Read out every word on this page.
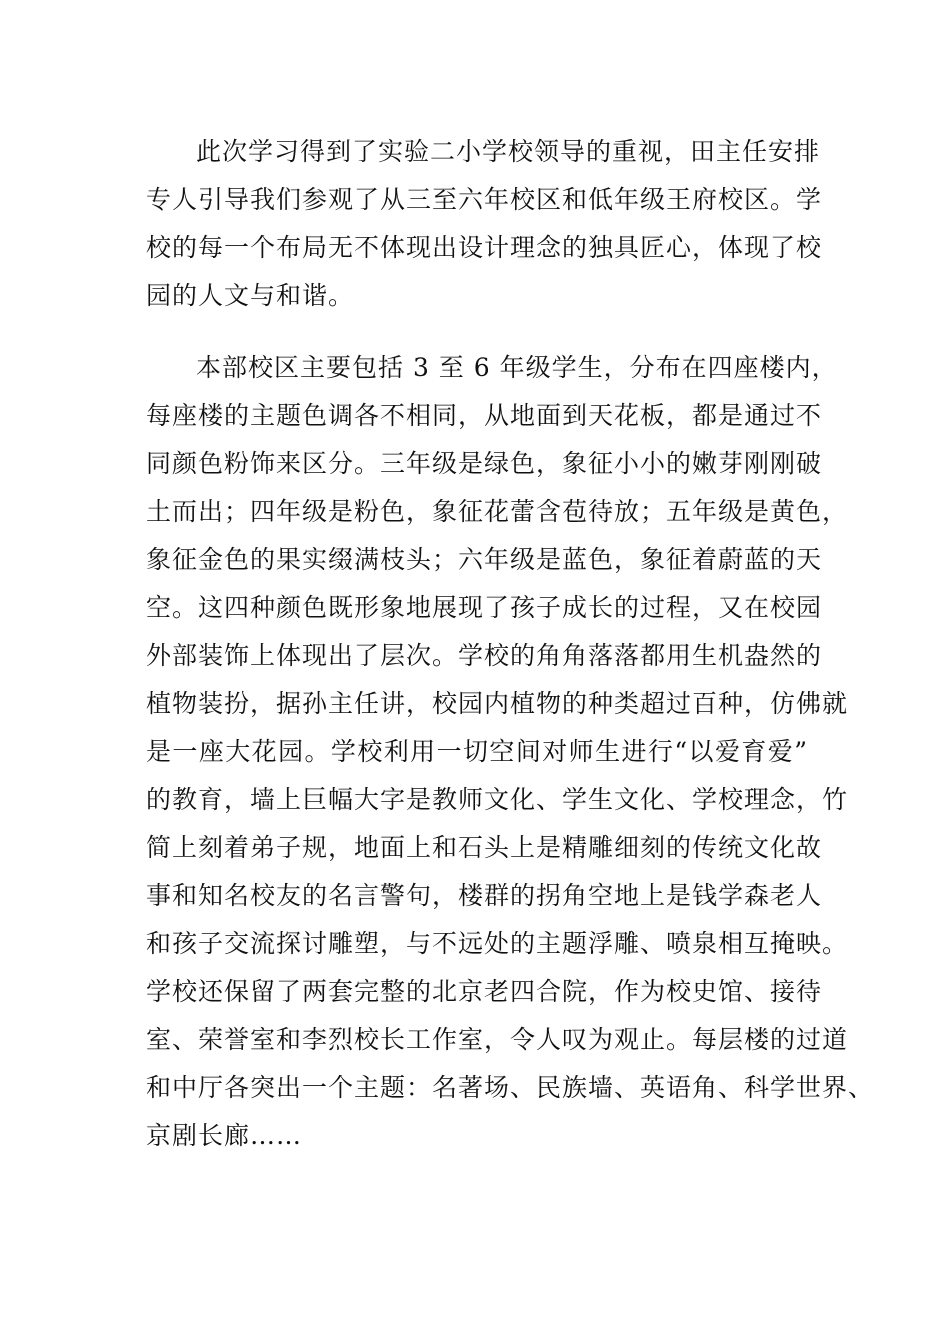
此次学习得到了实验二小学校领导的重视，田主任安排
专人引导我们参观了从三至六年校区和低年级王府校区。学
校的每一个布局无不体现出设计理念的独具匠心，体现了校
园的人文与和谐。
本部校区主要包括 3 至 6 年级学生，分布在四座楼内，
每座楼的主题色调各不相同，从地面到天花板，都是通过不
同颜色粉饰来区分。三年级是绿色，象征小小的嫩芽刚刚破
土而出；四年级是粉色，象征花蕾含苞待放；五年级是黄色，
象征金色的果实缀满枝头；六年级是蓝色，象征着蔚蓝的天
空。这四种颜色既形象地展现了孩子成长的过程，又在校园
外部装饰上体现出了层次。学校的角角落落都用生机盎然的
植物装扮，据孙主任讲，校园内植物的种类超过百种，仿佛就
是一座大花园。学校利用一切空间对师生进行“以爱育爱”
的教育，墙上巨幅大字是教师文化、学生文化、学校理念，竹
简上刻着弟子规，地面上和石头上是精雕细刻的传统文化故
事和知名校友的名言警句，楼群的拐角空地上是钱学森老人
和孩子交流探讨雕塑，与不远处的主题浮雕、喷泉相互掩映。
学校还保留了两套完整的北京老四合院，作为校史馆、接待
室、荣誉室和李烈校长工作室，令人叹为观止。每层楼的过道
和中厅各突出一个主题：名著场、民族墙、英语角、科学世界、
京剧长廊……
